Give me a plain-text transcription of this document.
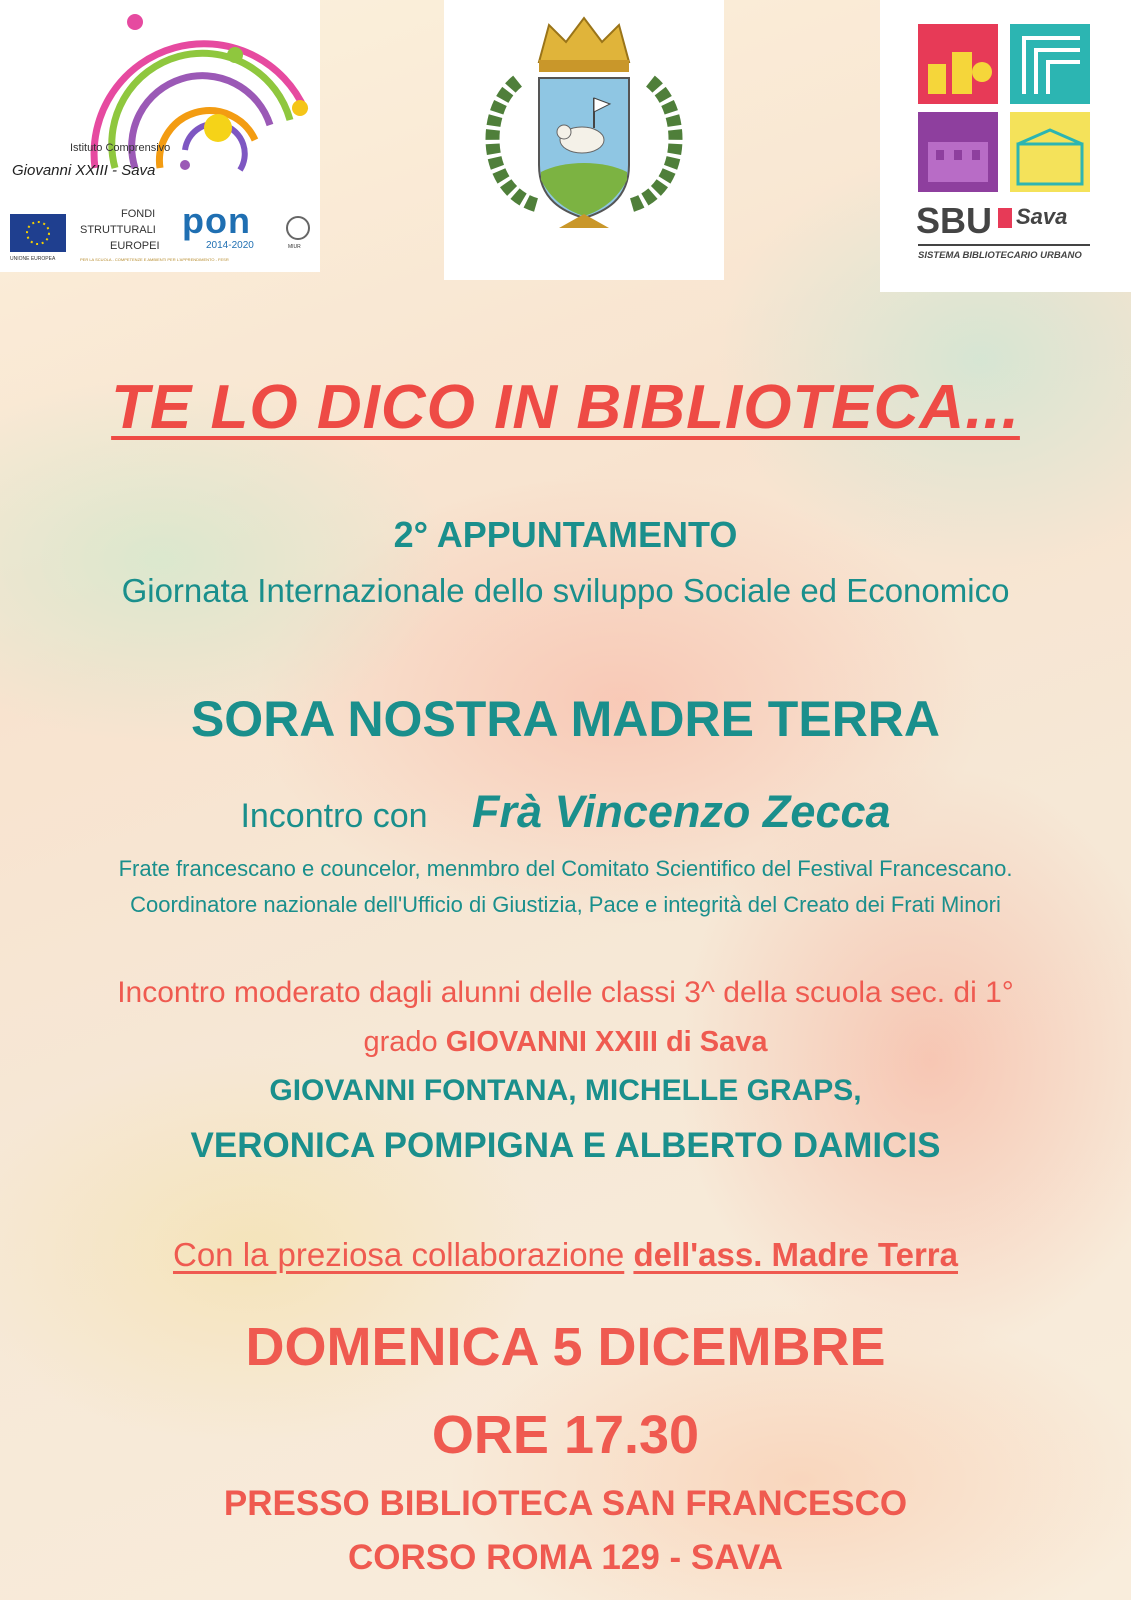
Istituto Comprensivo
Giovanni XXIII - Sava
UNIONE EUROPEA
FONDI
STRUTTURALI
EUROPEI
pon
2014-2020	MIUR
PER LA SCUOLA - COMPETENZE E AMBIENTI PER L'APPRENDIMENTO - FESR
SBU Sava
SISTEMA BIBLIOTECARIO URBANO
TE LO DICO IN BIBLIOTECA...
2° APPUNTAMENTO
Giornata Internazionale dello sviluppo Sociale ed Economico
SORA NOSTRA MADRE TERRA
Incontro con Frà Vincenzo Zecca
Frate francescano e councelor, menmbro del Comitato Scientifico del Festival Francescano.
Coordinatore nazionale dell'Ufficio di Giustizia, Pace e integrità del Creato dei Frati Minori
Incontro moderato dagli alunni delle classi 3^ della scuola sec. di 1°
grado GIOVANNI XXIII di Sava
GIOVANNI FONTANA, MICHELLE GRAPS,
VERONICA POMPIGNA E ALBERTO DAMICIS
Con la preziosa collaborazione dell'ass. Madre Terra
DOMENICA 5 DICEMBRE
ORE 17.30
PRESSO BIBLIOTECA SAN FRANCESCO
CORSO ROMA 129 - SAVA
